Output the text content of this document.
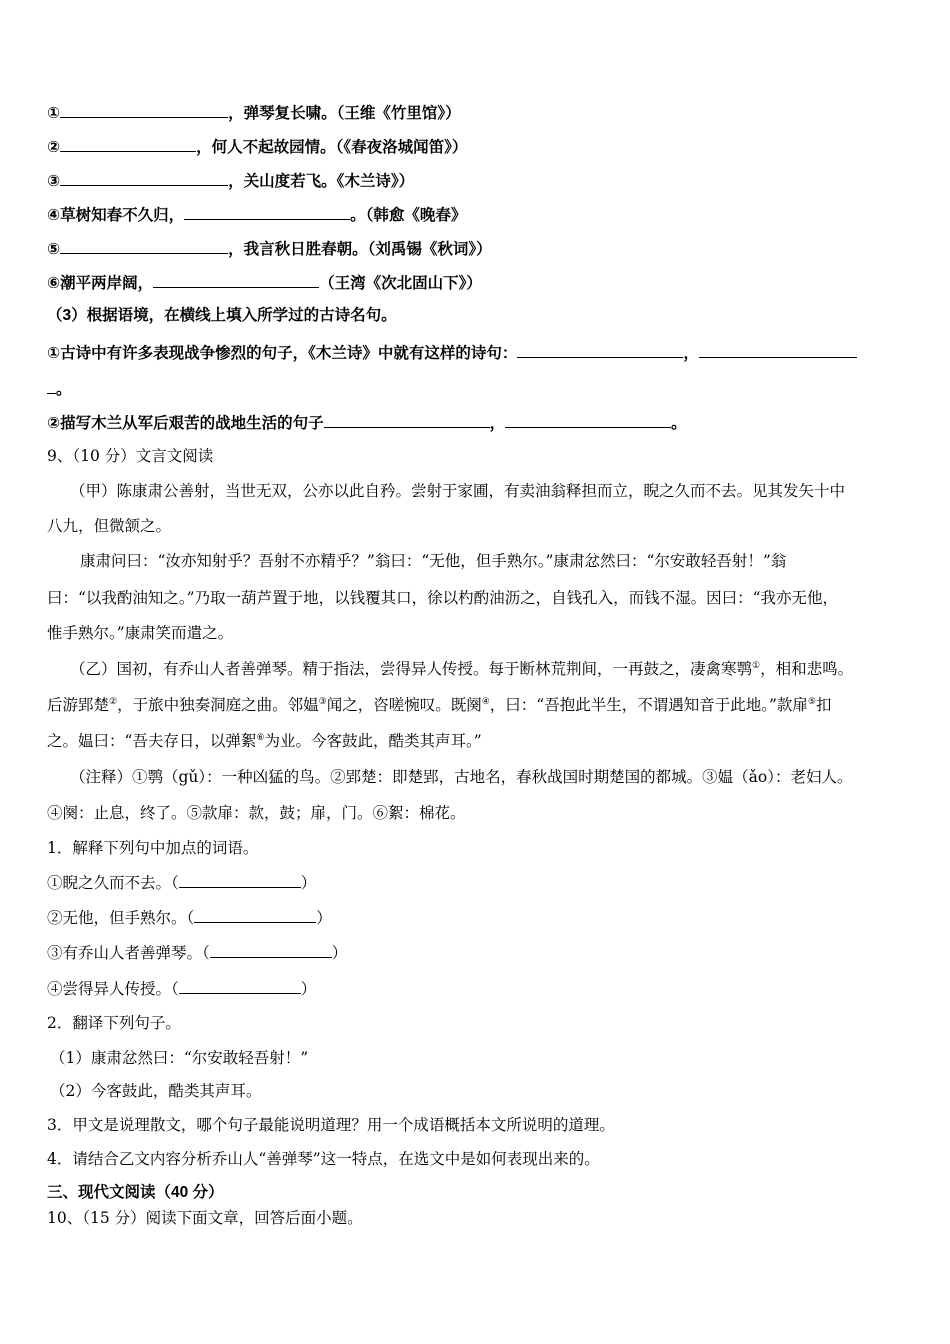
①	，弹琴复长啸。（王维《竹里馆》）
②	，何人不起故园情。（《春夜洛城闻笛》）
③	，关山度若飞。《木兰诗》）
④草树知春不久归，	。（韩愈《晚春》
⑤	，我言秋日胜春朝。（刘禹锡《秋词》）
⑥潮平两岸阔，	（王湾《次北固山下》）
（3）根据语境，在横线上填入所学过的古诗名句。
①古诗中有许多表现战争惨烈的句子，《木兰诗》中就有这样的诗句：	，
。
②描写木兰从军后艰苦的战地生活的句子	，	。
9、（10 分）文言文阅读
（甲）陈康肃公善射，当世无双，公亦以此自矜。尝射于家圃，有卖油翁释担而立，睨之久而不去。见其发矢十中
八九，但微颔之。
康肃问曰：“汝亦知射乎？吾射不亦精乎？”翁曰：“无他，但手熟尔。”康肃忿然曰：“尔安敢轻吾射！”翁
曰：“以我酌油知之。”乃取一葫芦置于地，以钱覆其口，徐以杓酌油沥之，自钱孔入，而钱不湿。因曰：“我亦无他，
惟手熟尔。”康肃笑而遣之。
（乙）国初，有乔山人者善弹琴。精于指法，尝得异人传授。每于断林荒荆间，一再鼓之，凄禽寒鹗①，相和悲鸣。
后游郢楚②，于旅中独奏洞庭之曲。邻媪③闻之，咨嗟惋叹。既阕④，曰：“吾抱此半生，不谓遇知音于此地。”款扉⑤扣
之。媪曰：“吾夫存日，以弹絮⑥为业。今客鼓此，酷类其声耳。”
（注释）①鹗（gǔ）：一种凶猛的鸟。②郢楚：即楚郢，古地名，春秋战国时期楚国的都城。③媪（ǎo）：老妇人。
④阕：止息，终了。⑤款扉：款，鼓；扉，门。⑥絮：棉花。
1．解释下列句中加点的词语。
①睨之久而不去。（	）
②无他，但手熟尔。（	）
③有乔山人者善弹琴。（	）
④尝得异人传授。（	）
2．翻译下列句子。
（1）康肃忿然曰：“尔安敢轻吾射！”
（2）今客鼓此，酷类其声耳。
3．甲文是说理散文，哪个句子最能说明道理？用一个成语概括本文所说明的道理。
4．请结合乙文内容分析乔山人“善弹琴”这一特点，在选文中是如何表现出来的。
三、现代文阅读（40 分）
10、（15 分）阅读下面文章，回答后面小题。
